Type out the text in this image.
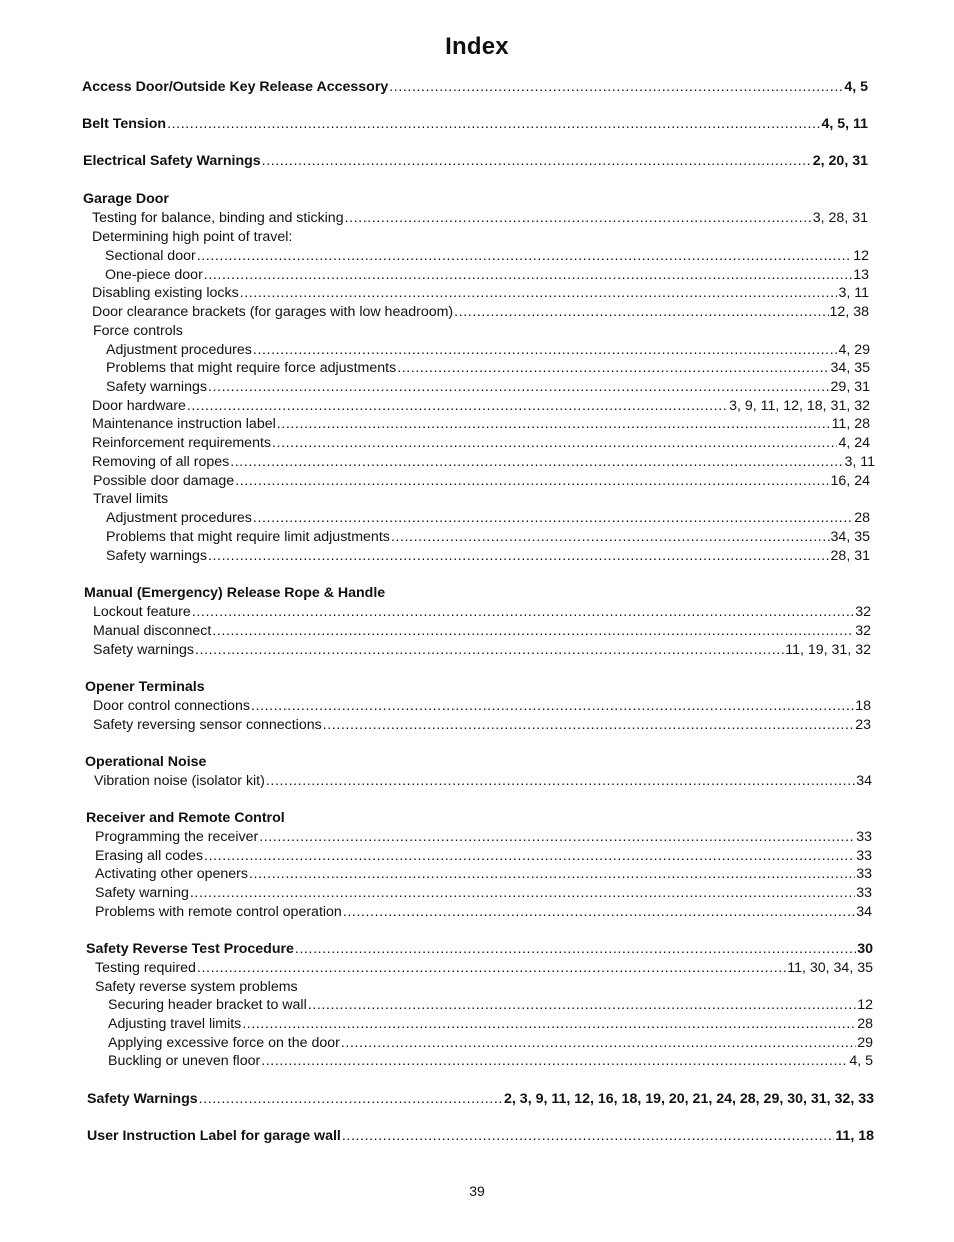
Index
Access Door/Outside Key Release Accessory .....	4, 5
Belt Tension .....	4, 5, 11
Electrical Safety Warnings .....	2, 20, 31
Garage Door
Testing for balance, binding and sticking .....	3, 28, 31
Determining high point of travel:
Sectional door .....	12
One-piece door .....	13
Disabling existing locks .....	3, 11
Door clearance brackets (for garages with low headroom) .....	12, 38
Force controls
Adjustment procedures .....	4, 29
Problems that might require force adjustments .....	34, 35
Safety warnings .....	29, 31
Door hardware .....	3, 9, 11, 12, 18, 31, 32
Maintenance instruction label .....	11, 28
Reinforcement requirements .....	4, 24
Removing of all ropes .....	3, 11
Possible door damage .....	16, 24
Travel limits
Adjustment procedures .....	28
Problems that might require limit adjustments .....	34, 35
Safety warnings .....	28, 31
Manual (Emergency) Release Rope & Handle
Lockout feature .....	32
Manual disconnect .....	32
Safety warnings .....	11, 19, 31, 32
Opener Terminals
Door control connections .....	18
Safety reversing sensor connections .....	23
Operational Noise
Vibration noise (isolator kit) .....	34
Receiver and Remote Control
Programming the receiver .....	33
Erasing all codes .....	33
Activating other openers .....	33
Safety warning .....	33
Problems with remote control operation .....	34
Safety Reverse Test Procedure .....	30
Testing required .....	11, 30, 34, 35
Safety reverse system problems
Securing header bracket to wall .....	12
Adjusting travel limits .....	28
Applying excessive force on the door .....	29
Buckling or uneven floor .....	4, 5
Safety Warnings .....	2, 3, 9, 11, 12, 16, 18, 19, 20, 21, 24, 28, 29, 30, 31, 32, 33
User Instruction Label for garage wall .....	11, 18
39
